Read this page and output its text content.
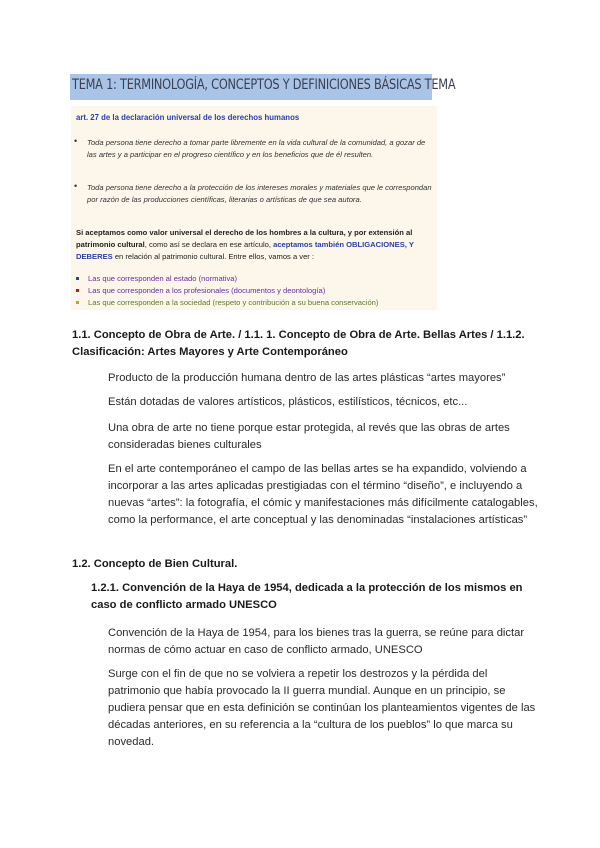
TEMA 1: TERMINOLOGÍA, CONCEPTOS Y DEFINICIONES BÁSICAS TEMA
art. 27 de la declaración universal de los derechos humanos
• Toda persona tiene derecho a tomar parte libremente en la vida cultural de la comunidad, a gozar de las artes y a participar en el progreso científico y en los beneficios que de él resulten.
• Toda persona tiene derecho a la protección de los intereses morales y materiales que le correspondan por razón de las producciones científicas, literarias o artísticas de que sea autora.
Si aceptamos como valor universal el derecho de los hombres a la cultura, y por extensión al patrimonio cultural, como así se declara en ese artículo, aceptamos también OBLIGACIONES, Y DEBERES en relación al patrimonio cultural. Entre ellos, vamos a ver :
Las que corresponden al estado (normativa)
Las que corresponden a los profesionales (documentos y deontología)
Las que corresponden a la sociedad (respeto y contribución a su buena conservación)
1.1. Concepto de Obra de Arte. / 1.1. 1. Concepto de Obra de Arte. Bellas Artes / 1.1.2. Clasificación: Artes Mayores y Arte Contemporáneo
Producto de la producción humana dentro de las artes plásticas “artes mayores”
Están dotadas de valores artísticos, plásticos, estilísticos, técnicos, etc...
Una obra de arte no tiene porque estar protegida, al revés que las obras de artes consideradas bienes culturales
En el arte contemporáneo el campo de las bellas artes se ha expandido, volviendo a incorporar a las artes aplicadas prestigiadas con el término “diseño”, e incluyendo a nuevas “artes”: la fotografía, el cómic y manifestaciones más difícilmente catalogables, como la performance, el arte conceptual y las denominadas “instalaciones artísticas”
1.2. Concepto de Bien Cultural.
1.2.1. Convención de la Haya de 1954, dedicada a la protección de los mismos en caso de conflicto armado UNESCO
Convención de la Haya de 1954, para los bienes tras la guerra, se reúne para dictar normas de cómo actuar en caso de conflicto armado, UNESCO
Surge con el fin de que no se volviera a repetir los destrozos y la pérdida del patrimonio que había provocado la II guerra mundial. Aunque en un principio, se pudiera pensar que en esta definición se continúan los planteamientos vigentes de las décadas anteriores, en su referencia a la “cultura de los pueblos” lo que marca su novedad.
